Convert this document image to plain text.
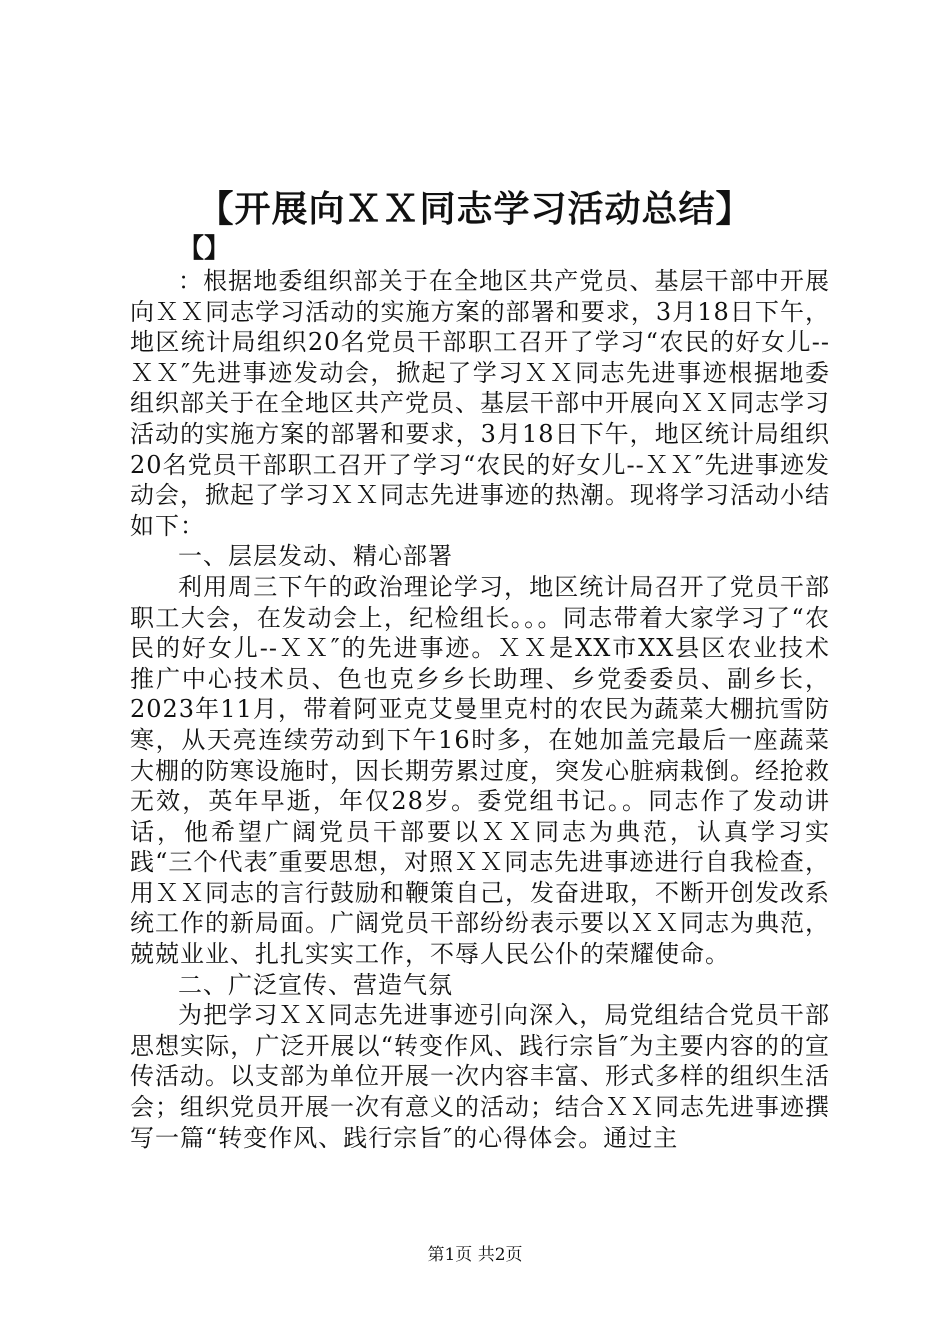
【开展向ＸＸ同志学习活动总结】
【】

：根据地委组织部关于在全地区共产党员、基层干部中开展向ＸＸ同志学习活动的实施方案的部署和要求，3月18日下午，地区统计局组织20名党员干部职工召开了学习“农民的好女儿--ＸＸ″先进事迹发动会，掀起了学习ＸＸ同志先进事迹根据地委组织部关于在全地区共产党员、基层干部中开展向ＸＸ同志学习活动的实施方案的部署和要求，3月18日下午，地区统计局组织20名党员干部职工召开了学习“农民的好女儿--ＸＸ″先进事迹发动会，掀起了学习ＸＸ同志先进事迹的热潮。现将学习活动小结如下：

一、层层发动、精心部署

利用周三下午的政治理论学习，地区统计局召开了党员干部职工大会，在发动会上，纪检组长。。。同志带着大家学习了“农民的好女儿--ＸＸ″的先进事迹。ＸＸ是XX市XX县区农业技术推广中心技术员、色也克乡乡长助理、乡党委委员、副乡长，2023年11月，带着阿亚克艾曼里克村的农民为蔬菜大棚抗雪防寒，从天亮连续劳动到下午16时多，在她加盖完最后一座蔬菜大棚的防寒设施时，因长期劳累过度，突发心脏病栽倒。经抢救无效，英年早逝，年仅28岁。委党组书记。。同志作了发动讲话，他希望广阔党员干部要以ＸＸ同志为典范，认真学习实践“三个代表″重要思想，对照ＸＸ同志先进事迹进行自我检查，用ＸＸ同志的言行鼓励和鞭策自己，发奋进取，不断开创发改系统工作的新局面。广阔党员干部纷纷表示要以ＸＸ同志为典范，兢兢业业、扎扎实实工作，不辱人民公仆的荣耀使命。

二、广泛宣传、营造气氛

为把学习ＸＸ同志先进事迹引向深入，局党组结合党员干部思想实际，广泛开展以“转变作风、践行宗旨″为主要内容的的宣传活动。以支部为单位开展一次内容丰富、形式多样的组织生活会；组织党员开展一次有意义的活动；结合ＸＸ同志先进事迹撰写一篇“转变作风、践行宗旨″的心得体会。通过主

第1页 共2页
